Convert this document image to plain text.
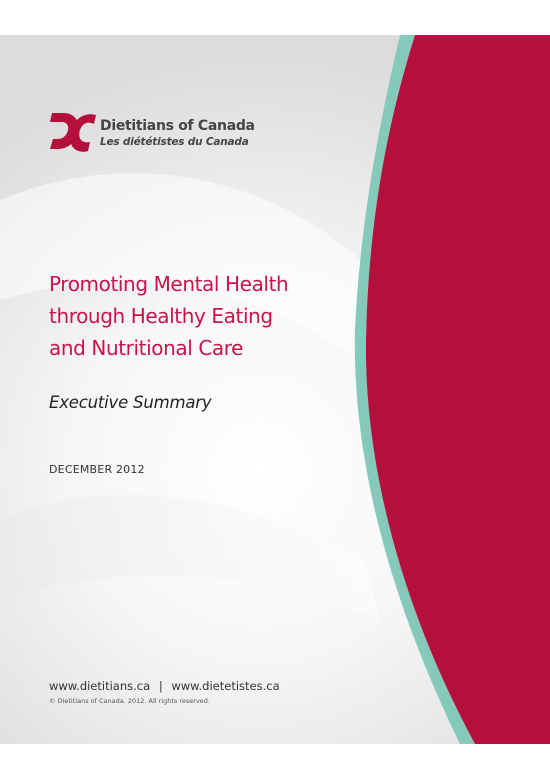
Dietitians of Canada
Les diététistes du Canada
Promoting Mental Health
through Healthy Eating
and Nutritional Care
Executive Summary
DECEMBER 2012
www.dietitians.ca | www.dietetistes.ca
© Dietitians of Canada. 2012. All rights reserved.
